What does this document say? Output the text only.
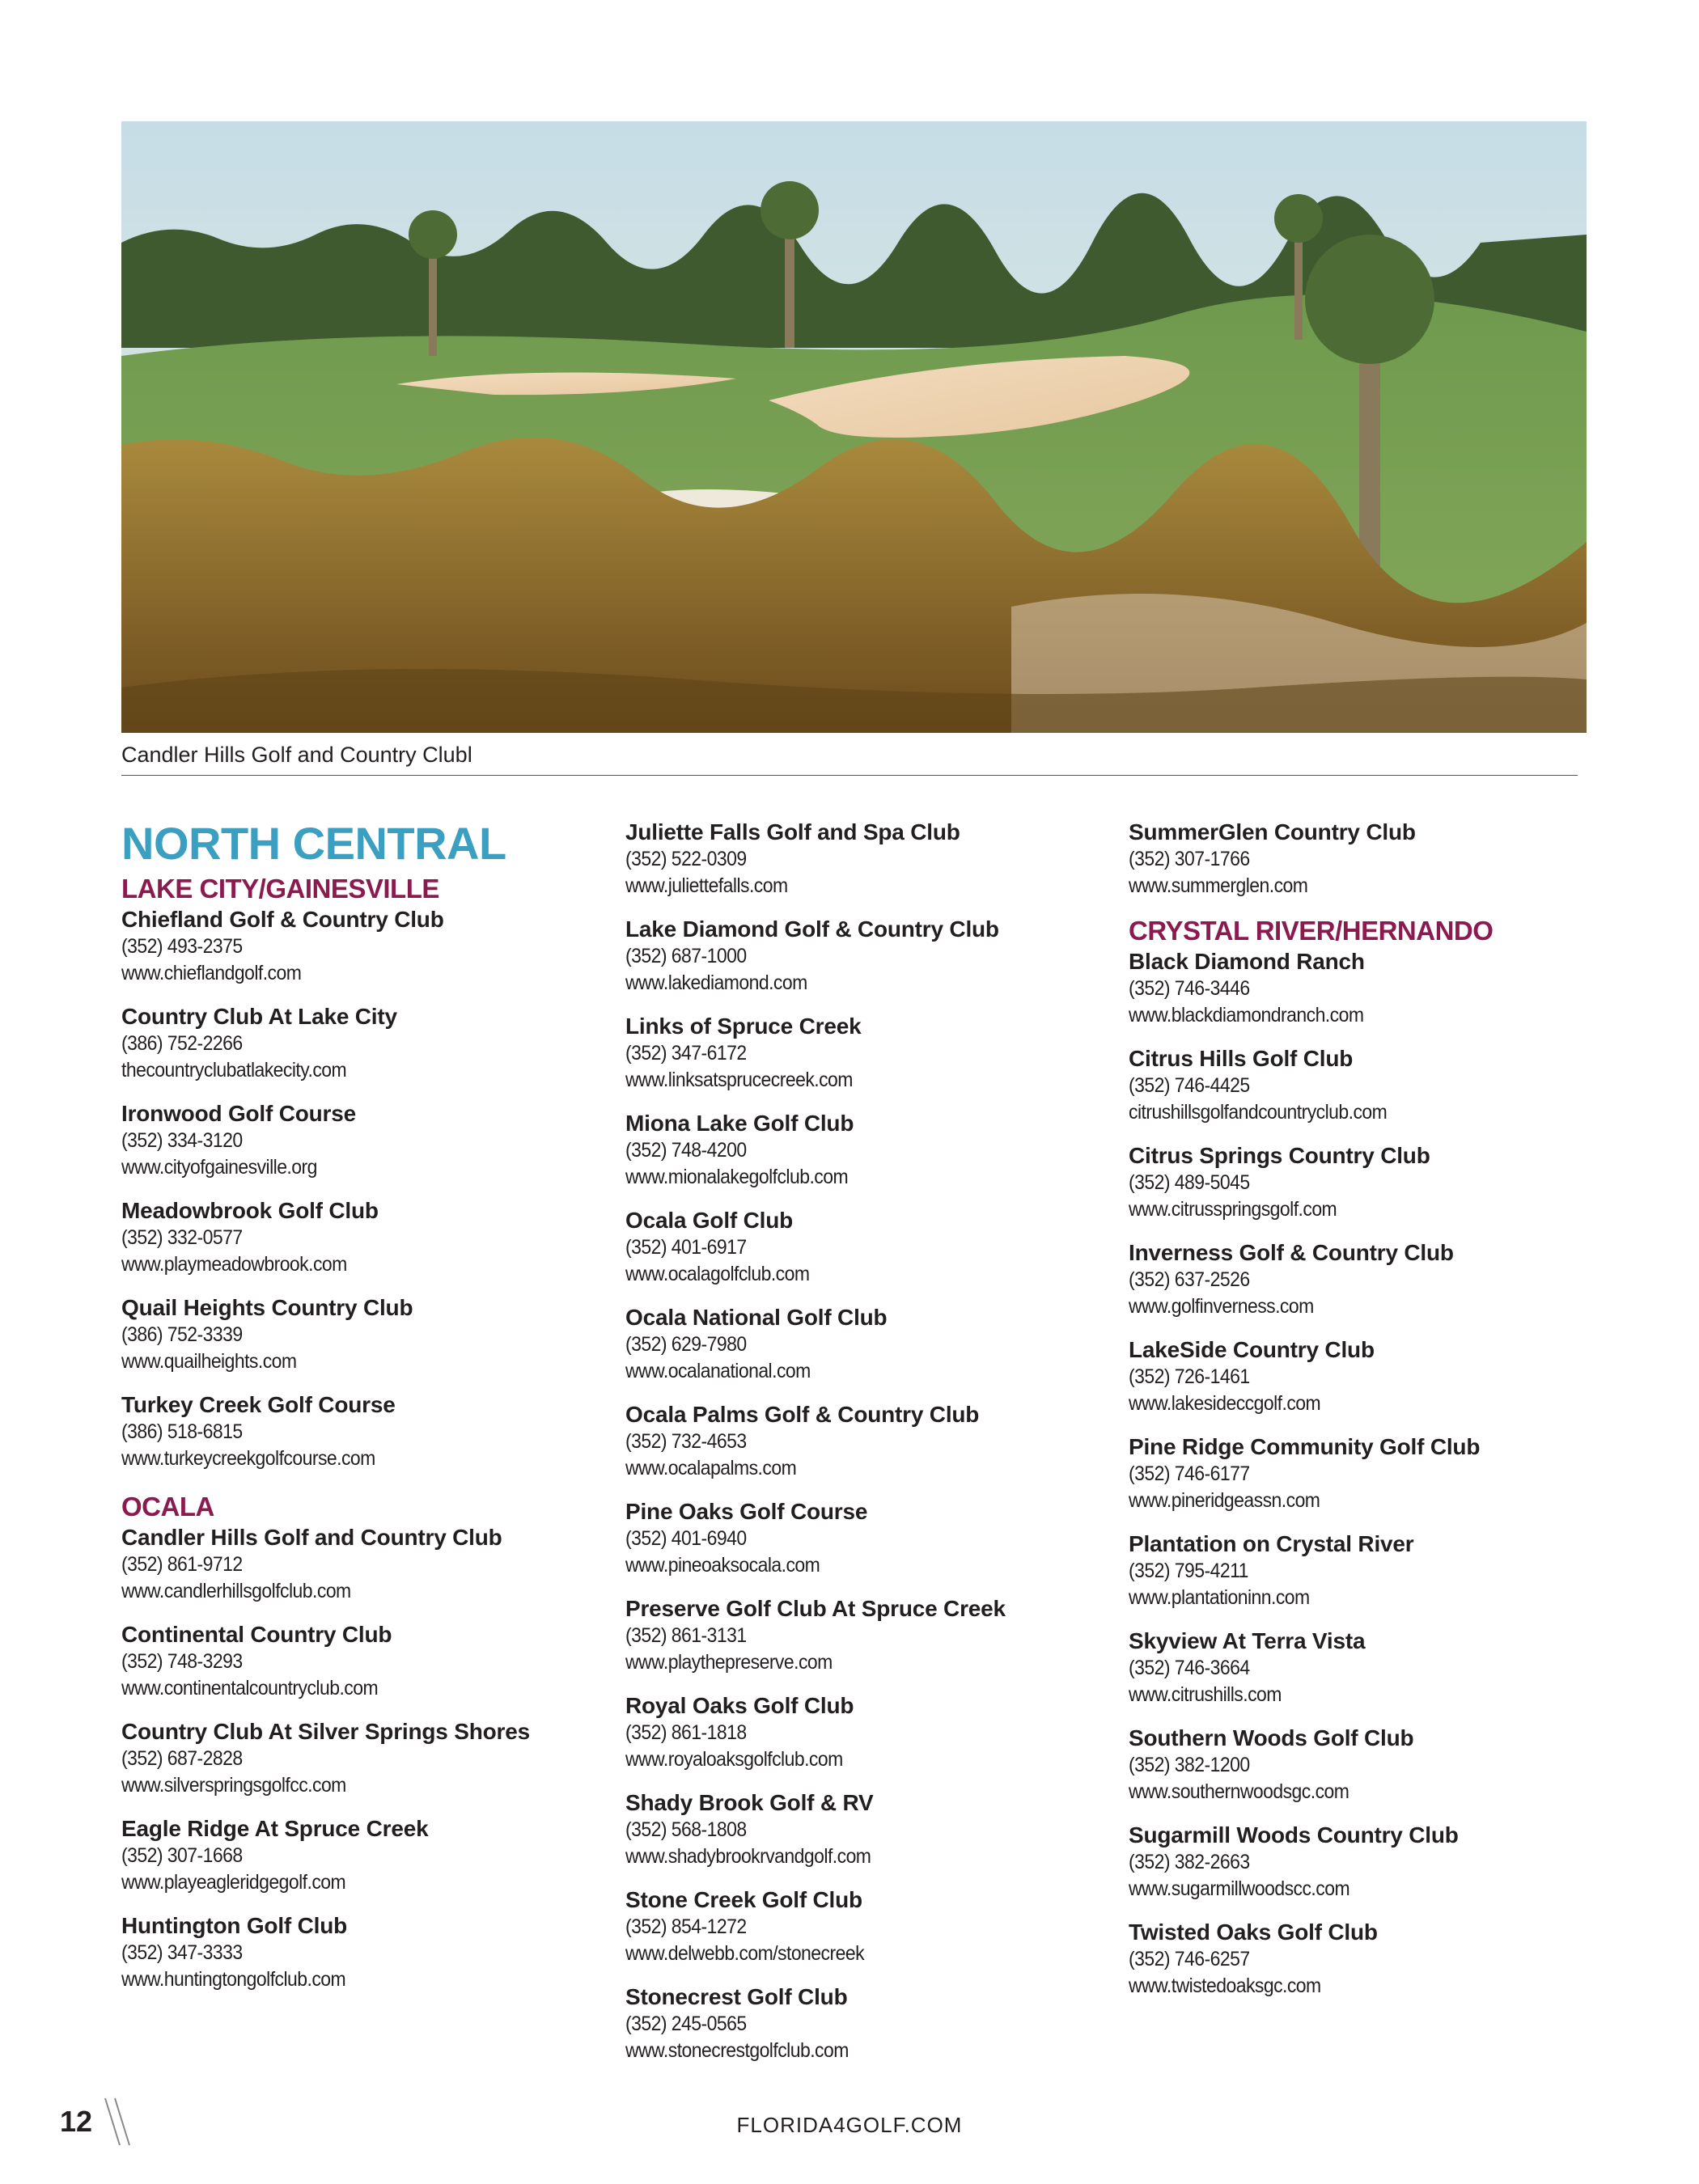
Candler Hills Golf and Country Clubl
NORTH CENTRAL
LAKE CITY/GAINESVILLE
Chiefland Golf & Country Club
(352) 493-2375
www.chieflandgolf.com
Country Club At Lake City
(386) 752-2266
thecountryclubatlakecity.com
Ironwood Golf Course
(352) 334-3120
www.cityofgainesville.org
Meadowbrook Golf Club
(352) 332-0577
www.playmeadowbrook.com
Quail Heights Country Club
(386) 752-3339
www.quailheights.com
Turkey Creek Golf Course
(386) 518-6815
www.turkeycreekgolfcourse.com
OCALA
Candler Hills Golf and Country Club
(352) 861-9712
www.candlerhillsgolfclub.com
Continental Country Club
(352) 748-3293
www.continentalcountryclub.com
Country Club At Silver Springs Shores
(352) 687-2828
www.silverspringsgolfcc.com
Eagle Ridge At Spruce Creek
(352) 307-1668
www.playeagleridgegolf.com
Huntington Golf Club
(352) 347-3333
www.huntingtongolfclub.com
Juliette Falls Golf and Spa Club
(352) 522-0309
www.juliettefalls.com
Lake Diamond Golf & Country Club
(352) 687-1000
www.lakediamond.com
Links of Spruce Creek
(352) 347-6172
www.linksatsprucecreek.com
Miona Lake Golf Club
(352) 748-4200
www.mionalakegolfclub.com
Ocala Golf Club
(352) 401-6917
www.ocalagolfclub.com
Ocala National Golf Club
(352) 629-7980
www.ocalanational.com
Ocala Palms Golf & Country Club
(352) 732-4653
www.ocalapalms.com
Pine Oaks Golf Course
(352) 401-6940
www.pineoaksocala.com
Preserve Golf Club At Spruce Creek
(352) 861-3131
www.playthepreserve.com
Royal Oaks Golf Club
(352) 861-1818
www.royaloaksgolfclub.com
Shady Brook Golf & RV
(352) 568-1808
www.shadybrookrvandgolf.com
Stone Creek Golf Club
(352) 854-1272
www.delwebb.com/stonecreek
Stonecrest Golf Club
(352) 245-0565
www.stonecrestgolfclub.com
SummerGlen Country Club
(352) 307-1766
www.summerglen.com
CRYSTAL RIVER/HERNANDO
Black Diamond Ranch
(352) 746-3446
www.blackdiamondranch.com
Citrus Hills Golf Club
(352) 746-4425
citrushillsgolfandcountryclub.com
Citrus Springs Country Club
(352) 489-5045
www.citrusspringsgolf.com
Inverness Golf & Country Club
(352) 637-2526
www.golfinverness.com
LakeSide Country Club
(352) 726-1461
www.lakesideccgolf.com
Pine Ridge Community Golf Club
(352) 746-6177
www.pineridgeassn.com
Plantation on Crystal River
(352) 795-4211
www.plantationinn.com
Skyview At Terra Vista
(352) 746-3664
www.citrushills.com
Southern Woods Golf Club
(352) 382-1200
www.southernwoodsgc.com
Sugarmill Woods Country Club
(352) 382-2663
www.sugarmillwoodscc.com
Twisted Oaks Golf Club
(352) 746-6257
www.twistedoaksgc.com
12	FLORIDA4GOLF.COM
